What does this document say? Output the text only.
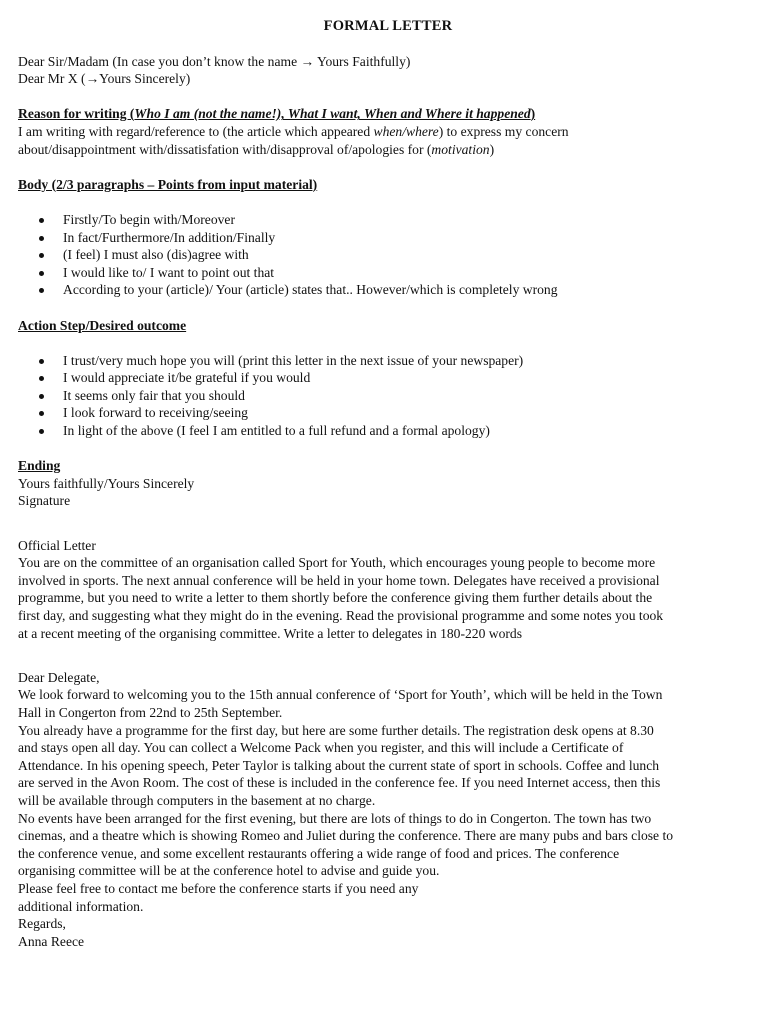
FORMAL LETTER

Dear Sir/Madam (In case you don’t know the name → Yours Faithfully)

Dear Mr X (→Yours Sincerely)

Reason for writing (Who I am (not the name!), What I want, When and Where it happened)

I am writing with regard/reference to (the article which appeared when/where) to express my concern

about/disappointment with/dissatisfation with/disapproval of/apologies for (motivation)

Body (2/3 paragraphs – Points from input material)

Firstly/To begin with/Moreover
In fact/Furthermore/In addition/Finally
(I feel) I must also (dis)agree with
I would like to/ I want to point out that
According to your (article)/ Your (article) states that.. However/which is completely wrong

Action Step/Desired outcome

I trust/very much hope you will (print this letter in the next issue of your newspaper)
I would appreciate it/be grateful if you would
It seems only fair that you should
I look forward to receiving/seeing
In light of the above (I feel I am entitled to a full refund and a formal apology)

Ending

Yours faithfully/Yours Sincerely

Signature

Official Letter

You are on the committee of an organisation called Sport for Youth, which encourages young people to become more

involved in sports. The next annual conference will be held in your home town. Delegates have received a provisional

programme, but you need to write a letter to them shortly before the conference giving them further details about the

first day, and suggesting what they might do in the evening. Read the provisional programme and some notes you took

at a recent meeting of the organising committee. Write a letter to delegates in 180-220 words

Dear Delegate,

We look forward to welcoming you to the 15th annual conference of ‘Sport for Youth’, which will be held in the Town

Hall in Congerton from 22nd to 25th September.

You already have a programme for the first day, but here are some further details. The registration desk opens at 8.30

and stays open all day. You can collect a Welcome Pack when you register, and this will include a Certificate of

Attendance. In his opening speech, Peter Taylor is talking about the current state of sport in schools. Coffee and lunch

are served in the Avon Room. The cost of these is included in the conference fee. If you need Internet access, then this

will be available through computers in the basement at no charge.

No events have been arranged for the first evening, but there are lots of things to do in Congerton. The town has two

cinemas, and a theatre which is showing Romeo and Juliet during the conference. There are many pubs and bars close to

the conference venue, and some excellent restaurants offering a wide range of food and prices. The conference

organising committee will be at the conference hotel to advise and guide you.

Please feel free to contact me before the conference starts if you need any

additional information.

Regards,

Anna Reece
